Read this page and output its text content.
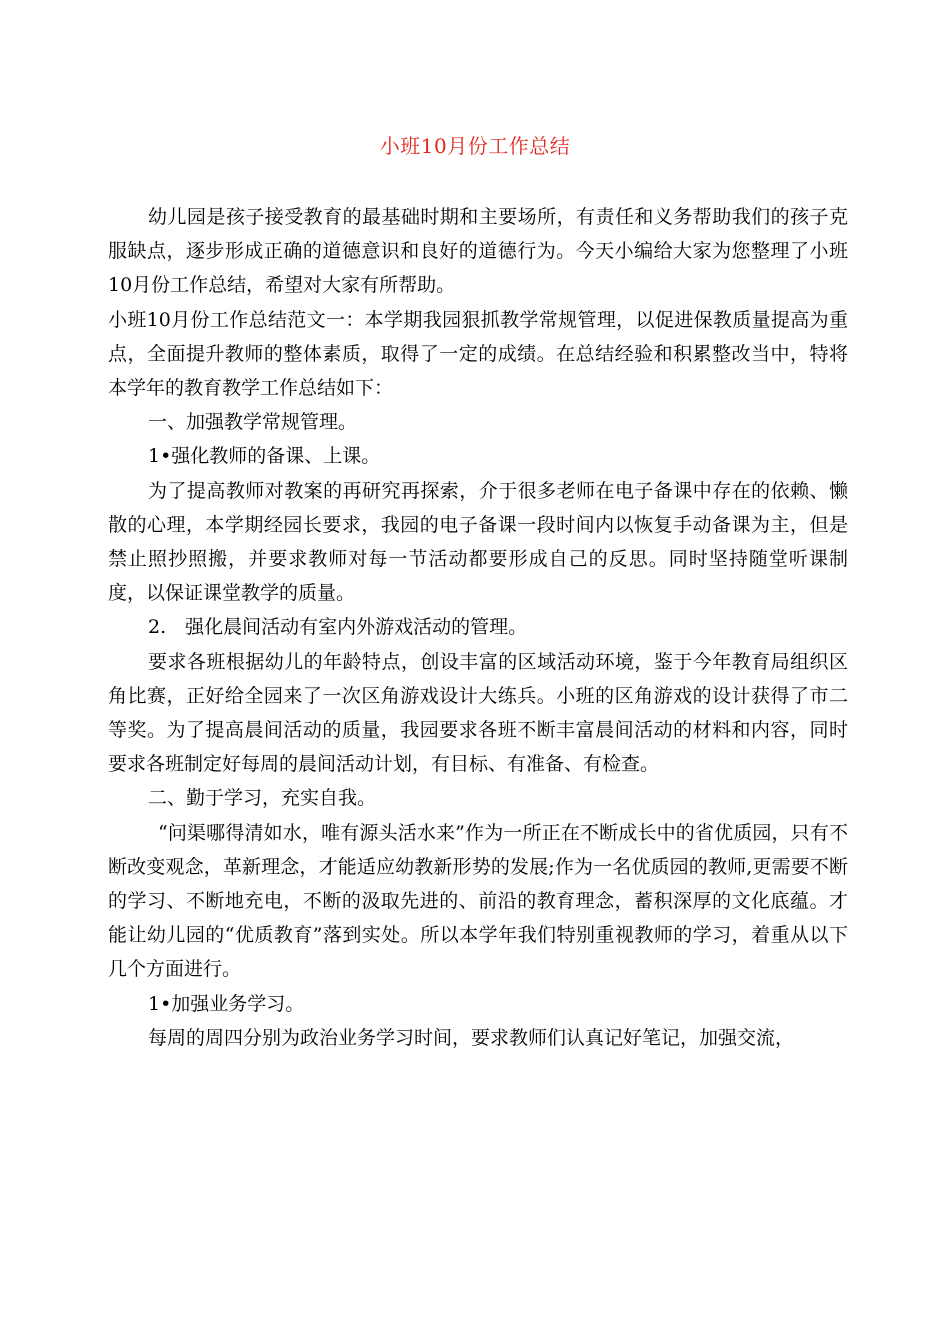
小班10月份工作总结

幼儿园是孩子接受教育的最基础时期和主要场所，有责任和义务帮助我们的孩子克服缺点，逐步形成正确的道德意识和良好的道德行为。今天小编给大家为您整理了小班10月份工作总结，希望对大家有所帮助。

小班10月份工作总结范文一：本学期我园狠抓教学常规管理，以促进保教质量提高为重点，全面提升教师的整体素质，取得了一定的成绩。在总结经验和积累整改当中，特将本学年的教育教学工作总结如下：

一、加强教学常规管理。

1•强化教师的备课、上课。

为了提高教师对教案的再研究再探索，介于很多老师在电子备课中存在的依赖、懒散的心理，本学期经园长要求，我园的电子备课一段时间内以恢复手动备课为主，但是禁止照抄照搬，并要求教师对每一节活动都要形成自己的反思。同时坚持随堂听课制度，以保证课堂教学的质量。

2.　强化晨间活动有室内外游戏活动的管理。

要求各班根据幼儿的年龄特点，创设丰富的区域活动环境，鉴于今年教育局组织区角比赛，正好给全园来了一次区角游戏设计大练兵。小班的区角游戏的设计获得了市二等奖。为了提高晨间活动的质量，我园要求各班不断丰富晨间活动的材料和内容，同时要求各班制定好每周的晨间活动计划，有目标、有准备、有检查。

二、勤于学习，充实自我。

“问渠哪得清如水，唯有源头活水来”作为一所正在不断成长中的省优质园，只有不断改变观念，革新理念，才能适应幼教新形势的发展;作为一名优质园的教师,更需要不断的学习、不断地充电，不断的汲取先进的、前沿的教育理念，蓄积深厚的文化底蕴。才能让幼儿园的“优质教育”落到实处。所以本学年我们特别重视教师的学习，着重从以下几个方面进行。

1•加强业务学习。

每周的周四分别为政治业务学习时间，要求教师们认真记好笔记，加强交流，
